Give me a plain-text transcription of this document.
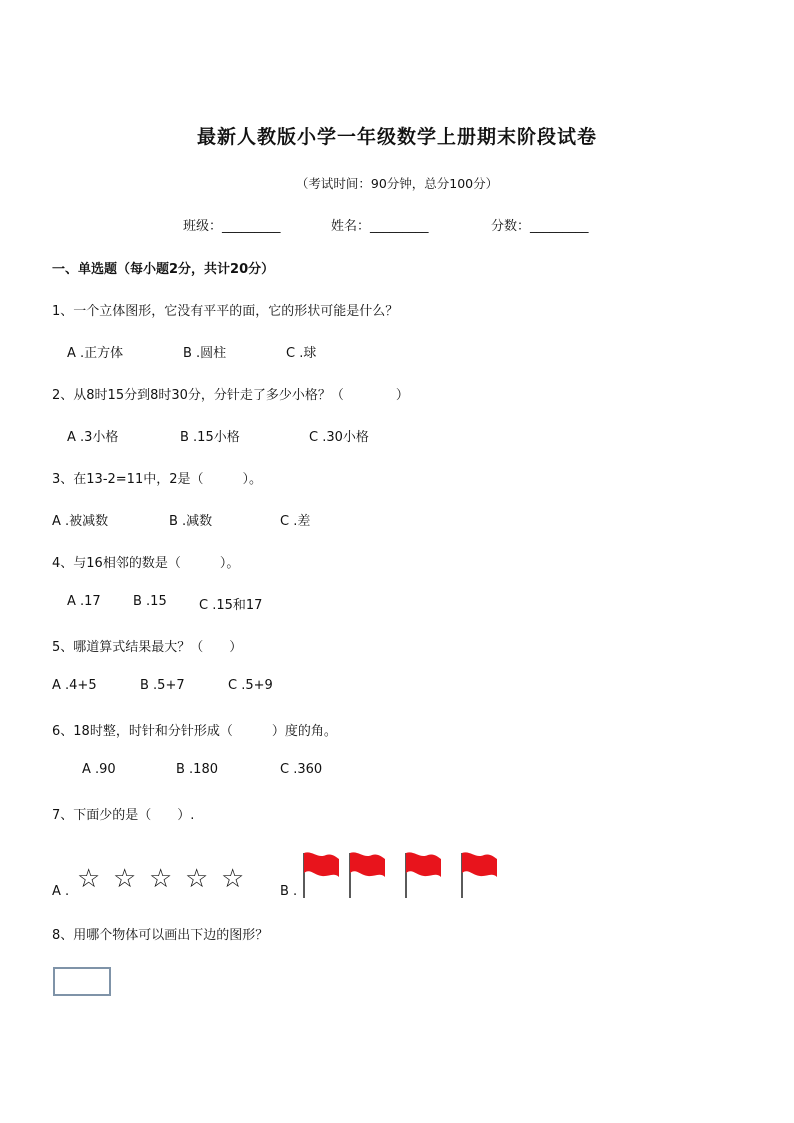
最新人教版小学一年级数学上册期末阶段试卷
（考试时间：90分钟，总分100分）
班级：_________	姓名：_________	分数：_________
一、单选题（每小题2分，共计20分）
1、一个立体图形，它没有平平的面，它的形状可能是什么？
A .正方体	B .圆柱	C .球
2、从8时15分到8时30分，分针走了多少小格？（　　　　）
A .3小格	B .15小格	C .30小格
3、在13-2=11中，2是（　　　）。
A .被减数	B .减数	C .差
4、与16相邻的数是（　　　）。
A .17 B .15 C .15和17
5、哪道算式结果最大？（　　）
A .4+5	B .5+7	C .5+9
6、18时整，时针和分针形成（　　　）度的角。
A .90	B .180	C .360
7、下面少的是（　　）.
A . ☆ ☆ ☆ ☆ ☆	B .
8、用哪个物体可以画出下边的图形？
